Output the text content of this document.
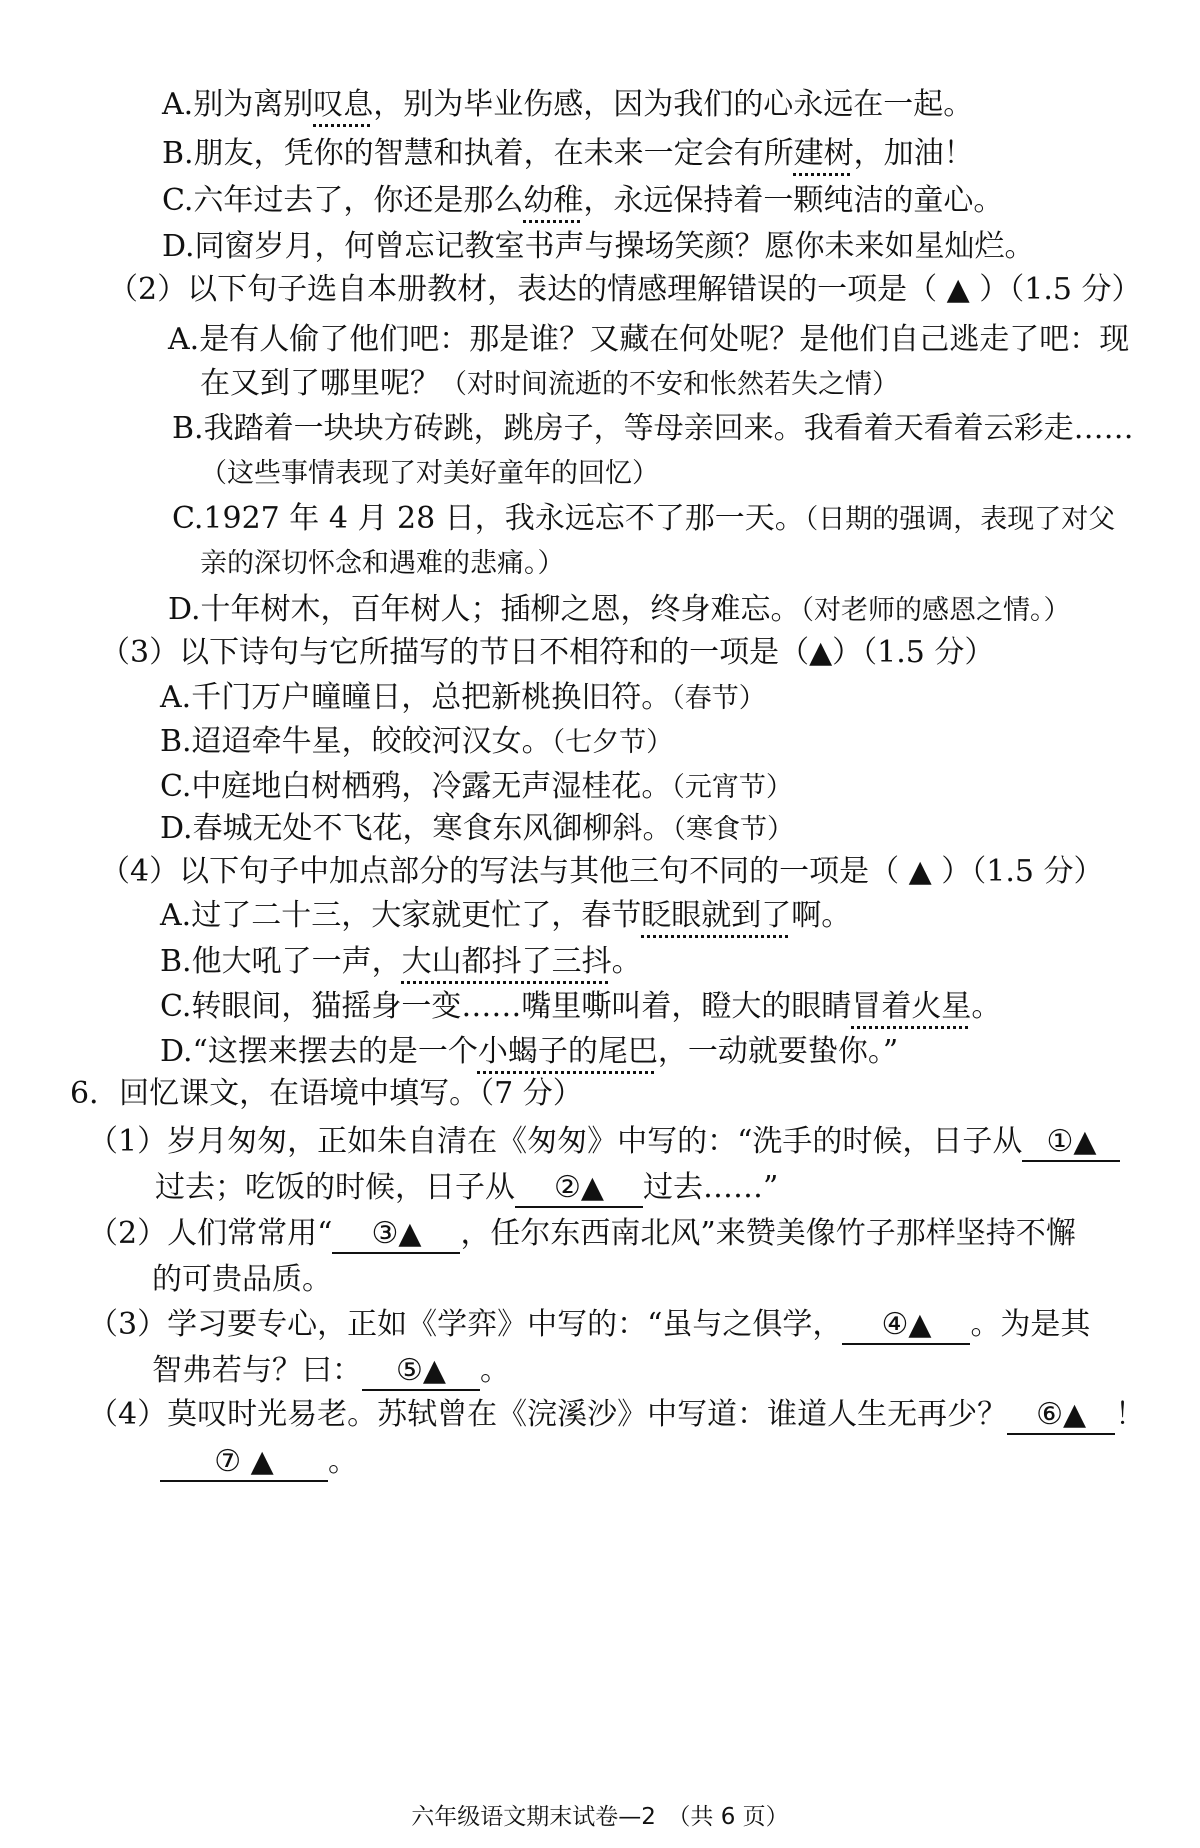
A.别为离别叹息，别为毕业伤感，因为我们的心永远在一起。
B.朋友，凭你的智慧和执着，在未来一定会有所建树，加油！
C.六年过去了，你还是那么幼稚，永远保持着一颗纯洁的童心。
D.同窗岁月，何曾忘记教室书声与操场笑颜？愿你未来如星灿烂。
（2）以下句子选自本册教材，表达的情感理解错误的一项是（ ▲ ）（1.5 分）
A.是有人偷了他们吧：那是谁？又藏在何处呢？是他们自己逃走了吧：现
在又到了哪里呢？（对时间流逝的不安和怅然若失之情）
B.我踏着一块块方砖跳，跳房子，等母亲回来。我看着天看着云彩走……
（这些事情表现了对美好童年的回忆）
C.1927 年 4 月 28 日，我永远忘不了那一天。（日期的强调，表现了对父
亲的深切怀念和遇难的悲痛。）
D.十年树木，百年树人；插柳之恩，终身难忘。（对老师的感恩之情。）
（3）以下诗句与它所描写的节日不相符和的一项是（▲）（1.5 分）
A.千门万户曈曈日，总把新桃换旧符。（春节）
B.迢迢牵牛星，皎皎河汉女。（七夕节）
C.中庭地白树栖鸦，冷露无声湿桂花。（元宵节）
D.春城无处不飞花，寒食东风御柳斜。（寒食节）
（4）以下句子中加点部分的写法与其他三句不同的一项是（ ▲ ）（1.5 分）
A.过了二十三，大家就更忙了，春节眨眼就到了啊。
B.他大吼了一声，大山都抖了三抖。
C.转眼间，猫摇身一变……嘴里嘶叫着，瞪大的眼睛冒着火星。
D.“这摆来摆去的是一个小蝎子的尾巴，一动就要蛰你。”
6．回忆课文，在语境中填写。（7 分）
（1）岁月匆匆，正如朱自清在《匆匆》中写的：“洗手的时候，日子从 ①▲
过去；吃饭的时候，日子从 ②▲ 过去……”
（2）人们常常用“ ③▲ ，任尔东西南北风”来赞美像竹子那样坚持不懈
的可贵品质。
（3）学习要专心，正如《学弈》中写的：“虽与之俱学， ④▲ 。为是其
智弗若与？曰： ⑤▲ 。
（4）莫叹时光易老。苏轼曾在《浣溪沙》中写道：谁道人生无再少？ ⑥▲ ！
⑦ ▲ 。
六年级语文期末试卷—2　（共 6 页）
